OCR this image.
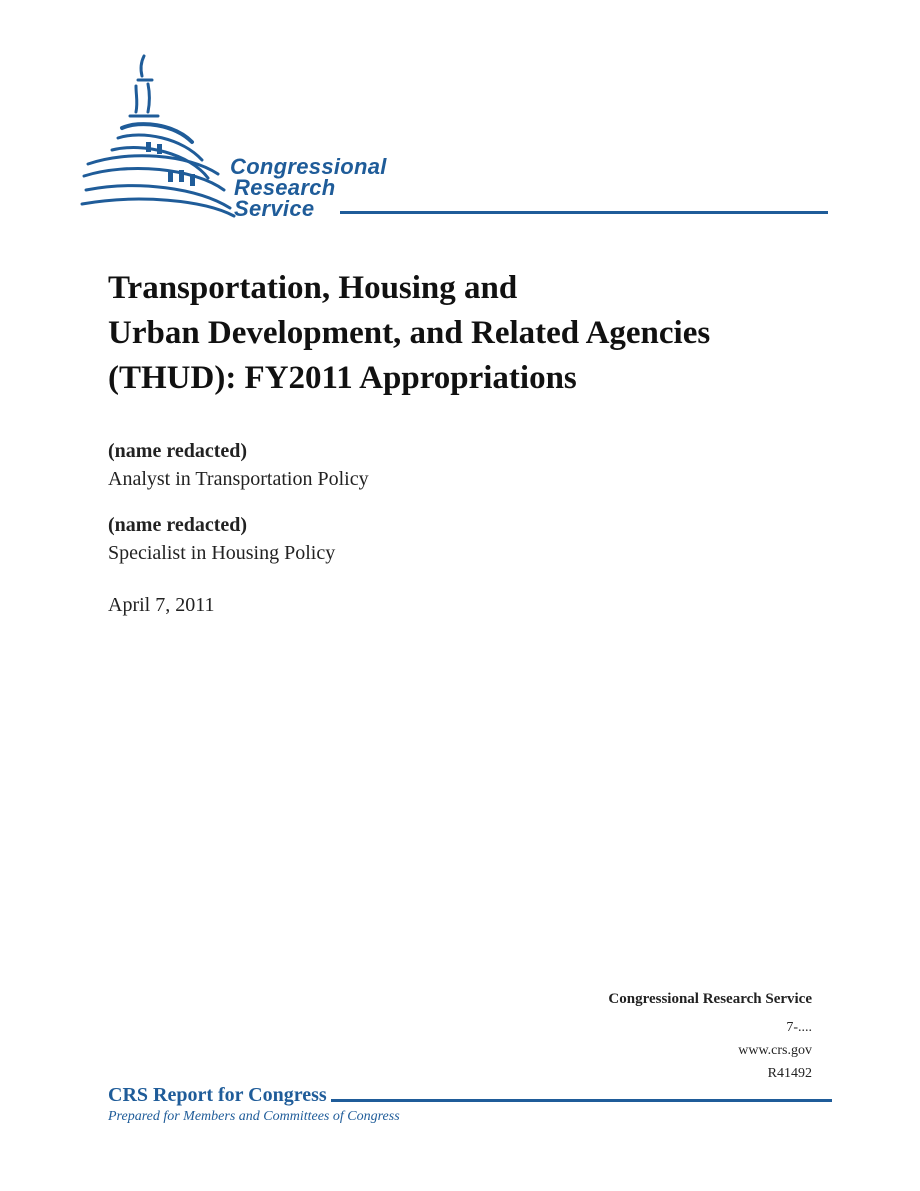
Congressional
Research
Service
Transportation, Housing and
Urban Development, and Related Agencies
(THUD): FY2011 Appropriations
(name redacted)
Analyst in Transportation Policy
(name redacted)
Specialist in Housing Policy
April 7, 2011
Congressional Research Service
7-....
www.crs.gov
R41492
CRS Report for Congress
Prepared for Members and Committees of Congress
